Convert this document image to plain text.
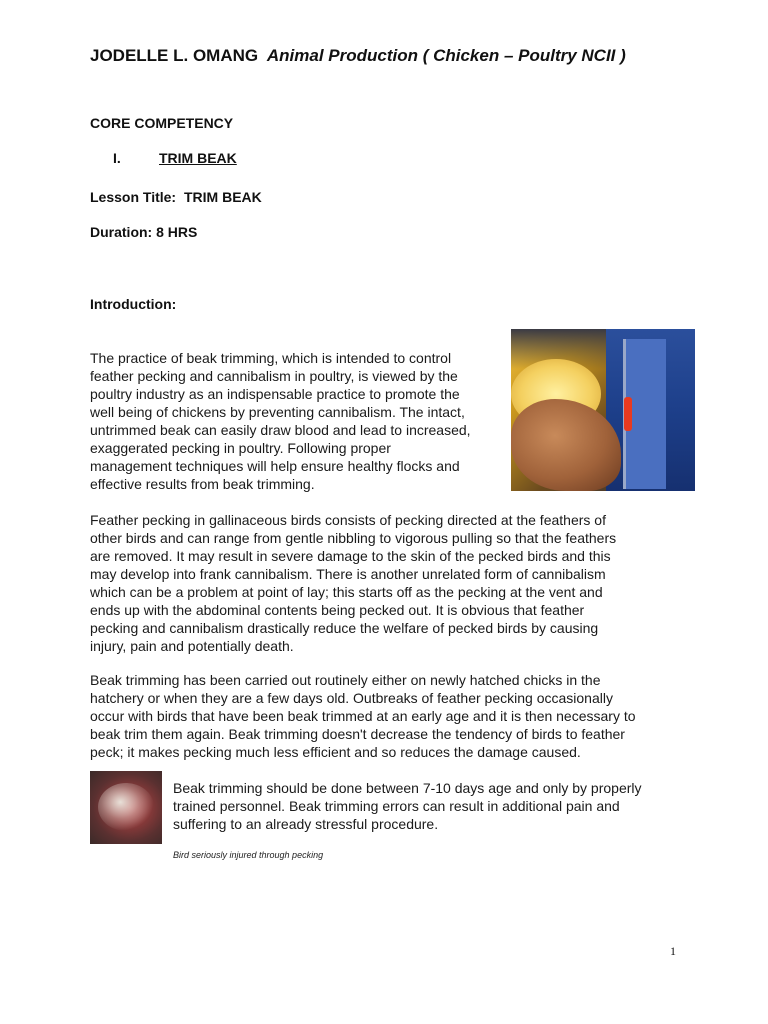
JODELLE L. OMANG Animal Production ( Chicken – Poultry NCII )
CORE COMPETENCY
I.	TRIM BEAK
Lesson Title: TRIM BEAK
Duration: 8 HRS
Introduction:
The practice of beak trimming, which is intended to control
feather pecking and cannibalism in poultry, is viewed by the
poultry industry as an indispensable practice to promote the
well being of chickens by preventing cannibalism. The intact,
untrimmed beak can easily draw blood and lead to increased,
exaggerated pecking in poultry. Following proper
management techniques will help ensure healthy flocks and
effective results from beak trimming.
Feather pecking in gallinaceous birds consists of pecking directed at the feathers of
other birds and can range from gentle nibbling to vigorous pulling so that the feathers
are removed. It may result in severe damage to the skin of the pecked birds and this
may develop into frank cannibalism. There is another unrelated form of cannibalism
which can be a problem at point of lay; this starts off as the pecking at the vent and
ends up with the abdominal contents being pecked out. It is obvious that feather
pecking and cannibalism drastically reduce the welfare of pecked birds by causing
injury, pain and potentially death.
Beak trimming has been carried out routinely either on newly hatched chicks in the
hatchery or when they are a few days old. Outbreaks of feather pecking occasionally
occur with birds that have been beak trimmed at an early age and it is then necessary to
beak trim them again. Beak trimming doesn't decrease the tendency of birds to feather
peck; it makes pecking much less efficient and so reduces the damage caused.
Beak trimming should be done between 7-10 days age and only by properly
trained personnel. Beak trimming errors can result in additional pain and
suffering to an already stressful procedure.
Bird seriously injured through pecking
1
